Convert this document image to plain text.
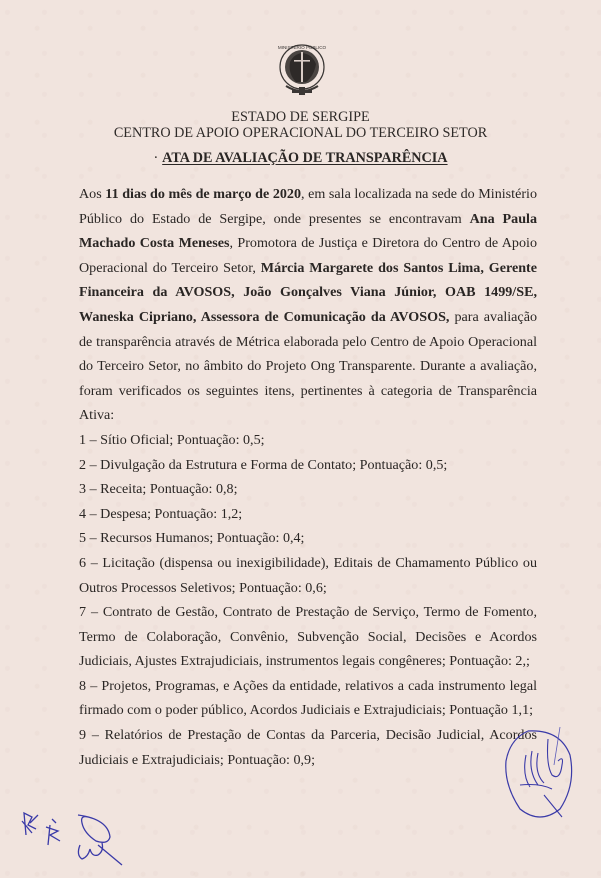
MINISTÉRIO PÚBLICO
ESTADO DE SERGIPE
CENTRO DE APOIO OPERACIONAL DO TERCEIRO SETOR
· ATA DE AVALIAÇÃO DE TRANSPARÊNCIA

Aos 11 dias do mês de março de 2020, em sala localizada na sede do Ministério Público do Estado de Sergipe, onde presentes se encontravam Ana Paula Machado Costa Meneses, Promotora de Justiça e Diretora do Centro de Apoio Operacional do Terceiro Setor, Márcia Margarete dos Santos Lima, Gerente Financeira da AVOSOS, João Gonçalves Viana Júnior, OAB 1499/SE, Waneska Cipriano, Assessora de Comunicação da AVOSOS, para avaliação de transparência através de Métrica elaborada pelo Centro de Apoio Operacional do Terceiro Setor, no âmbito do Projeto Ong Transparente. Durante a avaliação, foram verificados os seguintes itens, pertinentes à categoria de Transparência Ativa:

1 – Sítio Oficial; Pontuação: 0,5;
2 – Divulgação da Estrutura e Forma de Contato; Pontuação: 0,5;
3 – Receita; Pontuação: 0,8;
4 – Despesa; Pontuação: 1,2;
5 – Recursos Humanos; Pontuação: 0,4;
6 – Licitação (dispensa ou inexigibilidade), Editais de Chamamento Público ou Outros Processos Seletivos; Pontuação: 0,6;
7 – Contrato de Gestão, Contrato de Prestação de Serviço, Termo de Fomento, Termo de Colaboração, Convênio, Subvenção Social, Decisões e Acordos Judiciais, Ajustes Extrajudiciais, instrumentos legais congêneres; Pontuação: 2,;
8 – Projetos, Programas, e Ações da entidade, relativos a cada instrumento legal firmado com o poder público, Acordos Judiciais e Extrajudiciais; Pontuação 1,1;
9 – Relatórios de Prestação de Contas da Parceria, Decisão Judicial, Acordos Judiciais e Extrajudiciais; Pontuação: 0,9;
